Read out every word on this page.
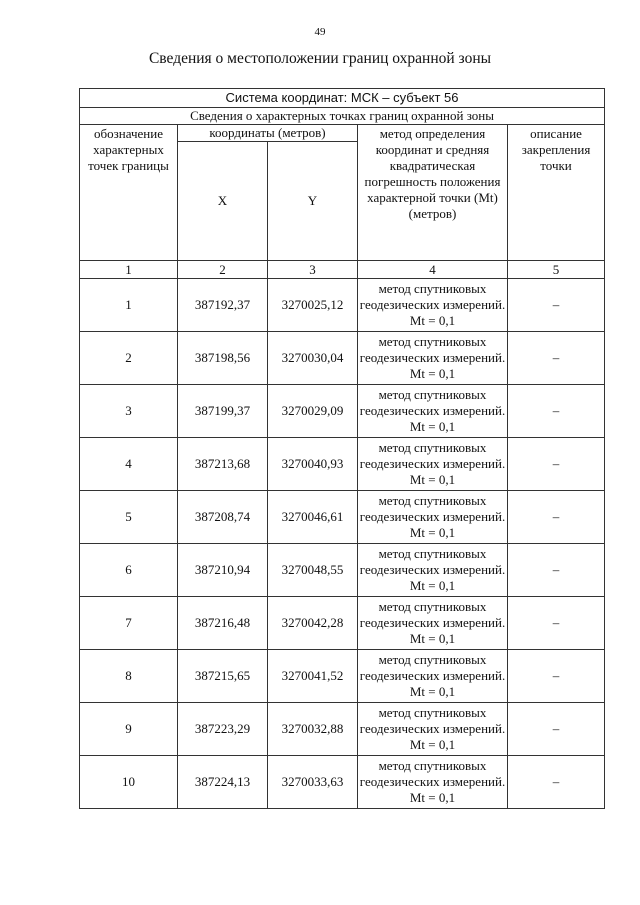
49
Сведения о местоположении границ охранной зоны
Система координат: МСК – субъект 56				
Сведения о характерных точках границ охранной зоны				
обозначение характерных точек границы	координаты (метров)		метод определения координат и средняя квадратическая погрешность положения характерной точки (Mt) (метров)	описание закрепления точки
	X	Y		
1	2	3	4	5
1	387192,37	3270025,12	метод спутниковых геодезических измерений. Mt = 0,1	–
2	387198,56	3270030,04	метод спутниковых геодезических измерений. Mt = 0,1	–
3	387199,37	3270029,09	метод спутниковых геодезических измерений. Mt = 0,1	–
4	387213,68	3270040,93	метод спутниковых геодезических измерений. Mt = 0,1	–
5	387208,74	3270046,61	метод спутниковых геодезических измерений. Mt = 0,1	–
6	387210,94	3270048,55	метод спутниковых геодезических измерений. Mt = 0,1	–
7	387216,48	3270042,28	метод спутниковых геодезических измерений. Mt = 0,1	–
8	387215,65	3270041,52	метод спутниковых геодезических измерений. Mt = 0,1	–
9	387223,29	3270032,88	метод спутниковых геодезических измерений. Mt = 0,1	–
10	387224,13	3270033,63	метод спутниковых геодезических измерений. Mt = 0,1	–
